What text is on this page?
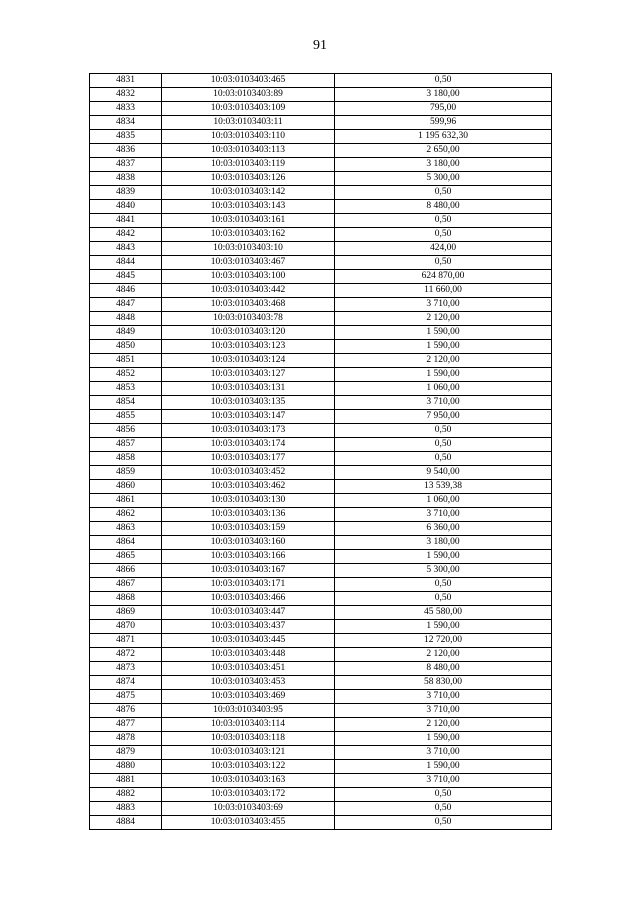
91
4831	10:03:0103403:465	0,50
4832	10:03:0103403:89	3 180,00
4833	10:03:0103403:109	795,00
4834	10:03:0103403:11	599,96
4835	10:03:0103403:110	1 195 632,30
4836	10:03:0103403:113	2 650,00
4837	10:03:0103403:119	3 180,00
4838	10:03:0103403:126	5 300,00
4839	10:03:0103403:142	0,50
4840	10:03:0103403:143	8 480,00
4841	10:03:0103403:161	0,50
4842	10:03:0103403:162	0,50
4843	10:03:0103403:10	424,00
4844	10:03:0103403:467	0,50
4845	10:03:0103403:100	624 870,00
4846	10:03:0103403:442	11 660,00
4847	10:03:0103403:468	3 710,00
4848	10:03:0103403:78	2 120,00
4849	10:03:0103403:120	1 590,00
4850	10:03:0103403:123	1 590,00
4851	10:03:0103403:124	2 120,00
4852	10:03:0103403:127	1 590,00
4853	10:03:0103403:131	1 060,00
4854	10:03:0103403:135	3 710,00
4855	10:03:0103403:147	7 950,00
4856	10:03:0103403:173	0,50
4857	10:03:0103403:174	0,50
4858	10:03:0103403:177	0,50
4859	10:03:0103403:452	9 540,00
4860	10:03:0103403:462	13 539,38
4861	10:03:0103403:130	1 060,00
4862	10:03:0103403:136	3 710,00
4863	10:03:0103403:159	6 360,00
4864	10:03:0103403:160	3 180,00
4865	10:03:0103403:166	1 590,00
4866	10:03:0103403:167	5 300,00
4867	10:03:0103403:171	0,50
4868	10:03:0103403:466	0,50
4869	10:03:0103403:447	45 580,00
4870	10:03:0103403:437	1 590,00
4871	10:03:0103403:445	12 720,00
4872	10:03:0103403:448	2 120,00
4873	10:03:0103403:451	8 480,00
4874	10:03:0103403:453	58 830,00
4875	10:03:0103403:469	3 710,00
4876	10:03:0103403:95	3 710,00
4877	10:03:0103403:114	2 120,00
4878	10:03:0103403:118	1 590,00
4879	10:03:0103403:121	3 710,00
4880	10:03:0103403:122	1 590,00
4881	10:03:0103403:163	3 710,00
4882	10:03:0103403:172	0,50
4883	10:03:0103403:69	0,50
4884	10:03:0103403:455	0,50
